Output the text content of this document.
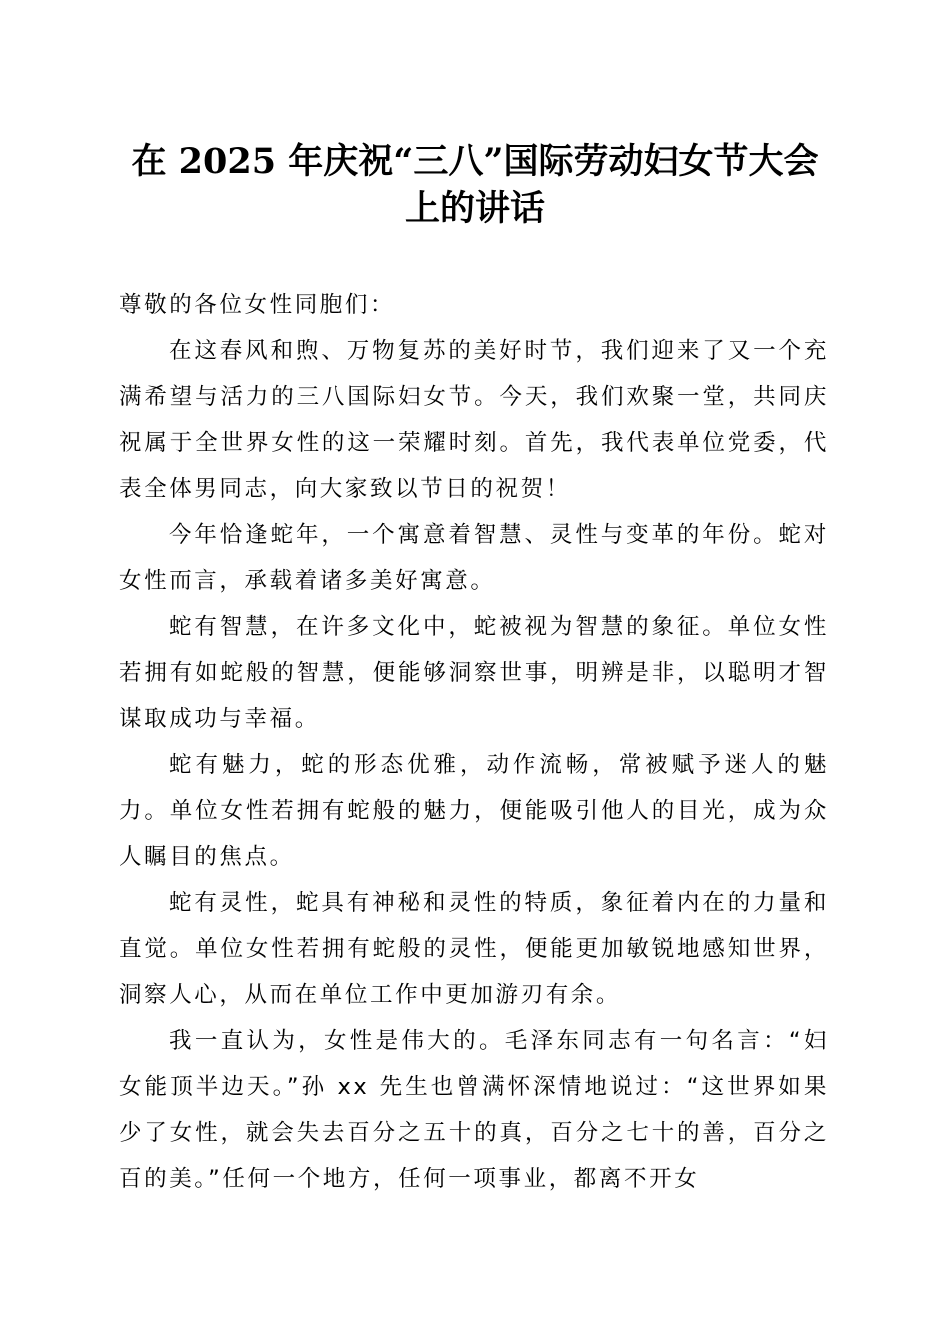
在 2025 年庆祝“三八”国际劳动妇女节大会
上的讲话

尊敬的各位女性同胞们：

在这春风和煦、万物复苏的美好时节，我们迎来了又一个充满希望与活力的三八国际妇女节。今天，我们欢聚一堂，共同庆祝属于全世界女性的这一荣耀时刻。首先，我代表单位党委，代表全体男同志，向大家致以节日的祝贺！

今年恰逢蛇年，一个寓意着智慧、灵性与变革的年份。蛇对女性而言，承载着诸多美好寓意。

蛇有智慧，在许多文化中，蛇被视为智慧的象征。单位女性若拥有如蛇般的智慧，便能够洞察世事，明辨是非，以聪明才智谋取成功与幸福。

蛇有魅力，蛇的形态优雅，动作流畅，常被赋予迷人的魅力。单位女性若拥有蛇般的魅力，便能吸引他人的目光，成为众人瞩目的焦点。

蛇有灵性，蛇具有神秘和灵性的特质，象征着内在的力量和直觉。单位女性若拥有蛇般的灵性，便能更加敏锐地感知世界，洞察人心，从而在单位工作中更加游刃有余。

我一直认为，女性是伟大的。毛泽东同志有一句名言：“妇女能顶半边天。”孙 xx 先生也曾满怀深情地说过：“这世界如果少了女性，就会失去百分之五十的真，百分之七十的善，百分之百的美。”任何一个地方，任何一项事业，都离不开女
